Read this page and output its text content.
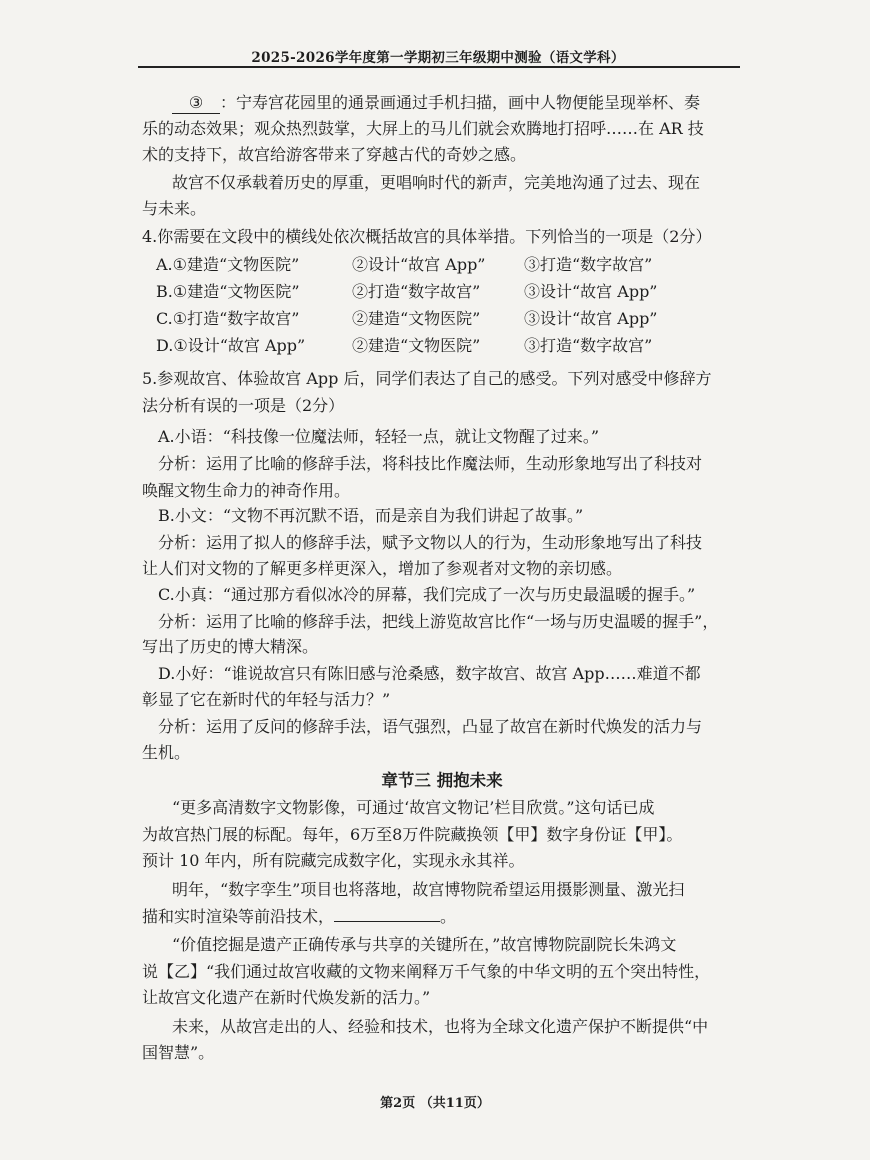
2025-2026学年度第一学期初三年级期中测验（语文学科）

③ ：宁寿宫花园里的通景画通过手机扫描，画中人物便能呈现举杯、奏

乐的动态效果；观众热烈鼓掌，大屏上的马儿们就会欢腾地打招呼……在 AR 技

术的支持下，故宫给游客带来了穿越古代的奇妙之感。

故宫不仅承载着历史的厚重，更唱响时代的新声，完美地沟通了过去、现在

与未来。

4.你需要在文段中的横线处依次概括故宫的具体举措。下列恰当的一项是（2分）

A.①建造“文物医院”	②设计“故宫 App” ③打造“数字故宫”
B.①建造“文物医院”	②打造“数字故宫”	③设计“故宫 App”
C.①打造“数字故宫”	②建造“文物医院”	③设计“故宫 App”
D.①设计“故宫 App”	②建造“文物医院”	③打造“数字故宫”

5.参观故宫、体验故宫 App 后，同学们表达了自己的感受。下列对感受中修辞方

法分析有误的一项是（2分）

A.小语：“科技像一位魔法师，轻轻一点，就让文物醒了过来。”

分析：运用了比喻的修辞手法，将科技比作魔法师，生动形象地写出了科技对

唤醒文物生命力的神奇作用。

B.小文：“文物不再沉默不语，而是亲自为我们讲起了故事。”

分析：运用了拟人的修辞手法，赋予文物以人的行为，生动形象地写出了科技

让人们对文物的了解更多样更深入，增加了参观者对文物的亲切感。

C.小真：“通过那方看似冰冷的屏幕，我们完成了一次与历史最温暖的握手。”

分析：运用了比喻的修辞手法，把线上游览故宫比作“一场与历史温暖的握手”，

写出了历史的博大精深。

D.小好：“谁说故宫只有陈旧感与沧桑感，数字故宫、故宫 App……难道不都

彰显了它在新时代的年轻与活力？”

分析：运用了反问的修辞手法，语气强烈，凸显了故宫在新时代焕发的活力与

生机。

章节三 拥抱未来

“更多高清数字文物影像，可通过‘故宫文物记’栏目欣赏。”这句话已成

为故宫热门展的标配。每年，6万至8万件院藏换领【甲】数字身份证【甲】。

预计 10 年内，所有院藏完成数字化，实现永永其祥。

明年，“数字孪生”项目也将落地，故宫博物院希望运用摄影测量、激光扫

描和实时渲染等前沿技术，	。

“价值挖掘是遗产正确传承与共享的关键所在，”故宫博物院副院长朱鸿文

说【乙】“我们通过故宫收藏的文物来阐释万千气象的中华文明的五个突出特性，

让故宫文化遗产在新时代焕发新的活力。”

未来，从故宫走出的人、经验和技术，也将为全球文化遗产保护不断提供“中

国智慧”。

第2页 （共11页）
